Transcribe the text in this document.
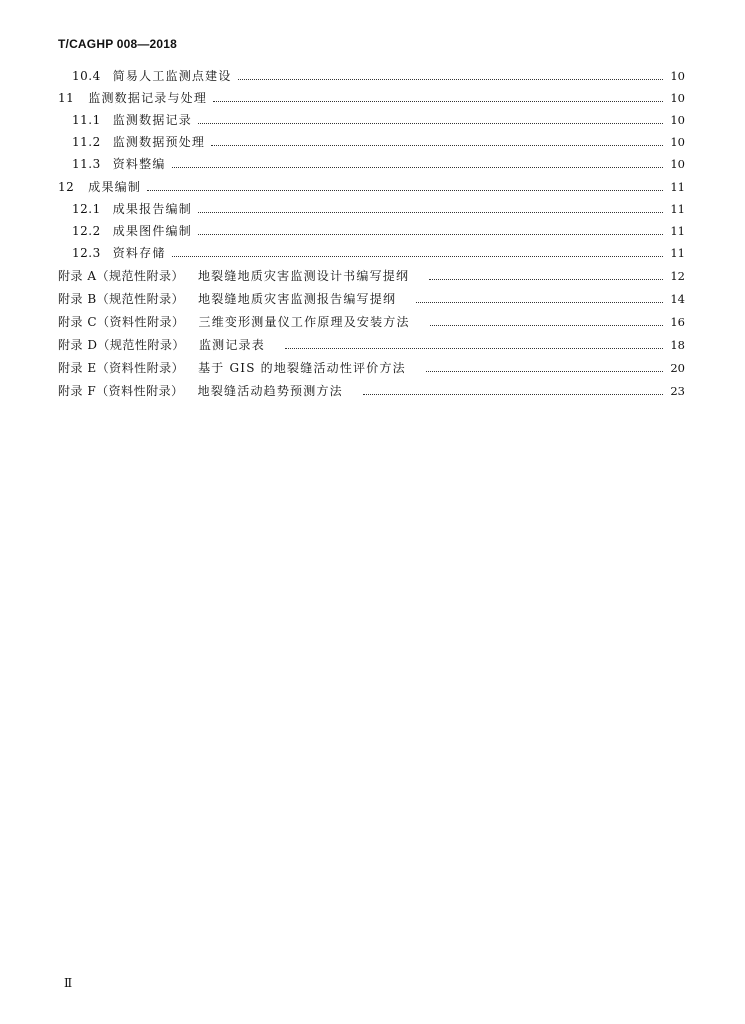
T/CAGHP 008—2018
10.4 简易人工监测点建设	10
11 监测数据记录与处理	10
11.1 监测数据记录	10
11.2 监测数据预处理	10
11.3 资料整编	10
12 成果编制	11
12.1 成果报告编制	11
12.2 成果图件编制	11
12.3 资料存储	11
附录 A（规范性附录） 地裂缝地质灾害监测设计书编写提纲	12
附录 B（规范性附录） 地裂缝地质灾害监测报告编写提纲	14
附录 C（资料性附录） 三维变形测量仪工作原理及安装方法	16
附录 D（规范性附录） 监测记录表	18
附录 E（资料性附录） 基于 GIS 的地裂缝活动性评价方法	20
附录 F（资料性附录） 地裂缝活动趋势预测方法	23
Ⅱ
